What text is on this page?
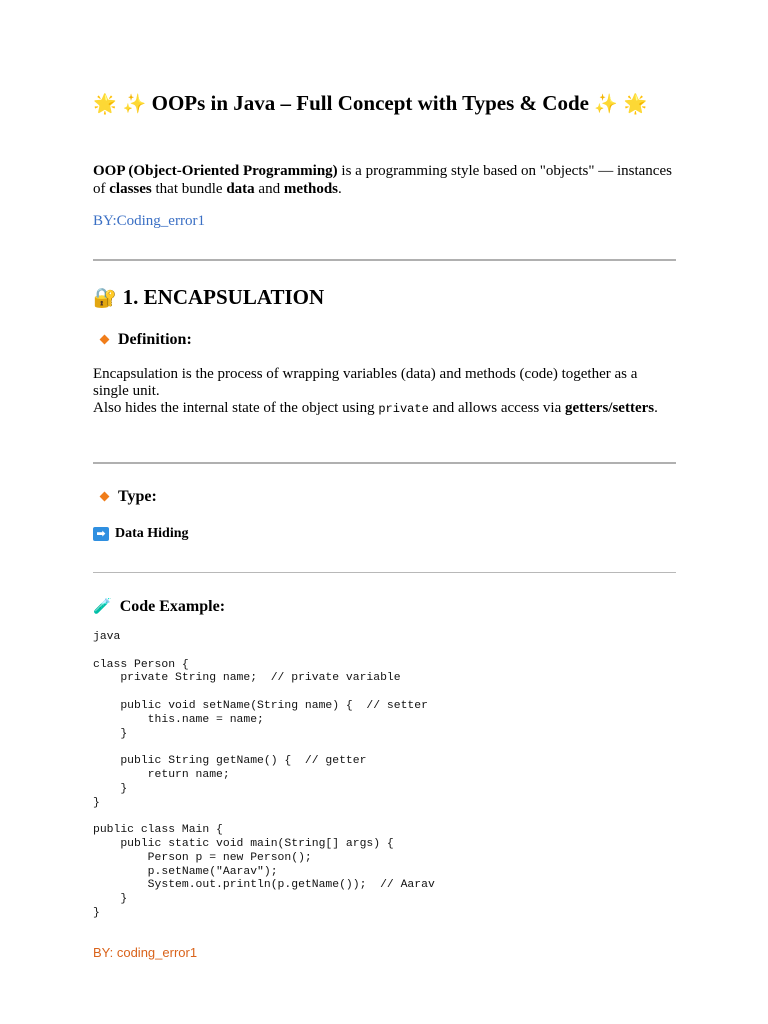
🌟 ✨ OOPs in Java – Full Concept with Types & Code ✨ 🌟

OOP (Object-Oriented Programming) is a programming style based on "objects" — instances of classes that bundle data and methods.

BY:Coding_error1

🔐 1. ENCAPSULATION
Definition:

Encapsulation is the process of wrapping variables (data) and methods (code) together as a single unit.
Also hides the internal state of the object using private and allows access via getters/setters.

Type:

➡ Data Hiding

🧪 Code Example:
java

class Person {
private String name;  // private variable

public void setName(String name) {  // setter
this.name = name;
}

public String getName() {  // getter
return name;
}
}

public class Main {
public static void main(String[] args) {
Person p = new Person();
p.setName("Aarav");
System.out.println(p.getName());  // Aarav
}
}

BY: coding_error1
